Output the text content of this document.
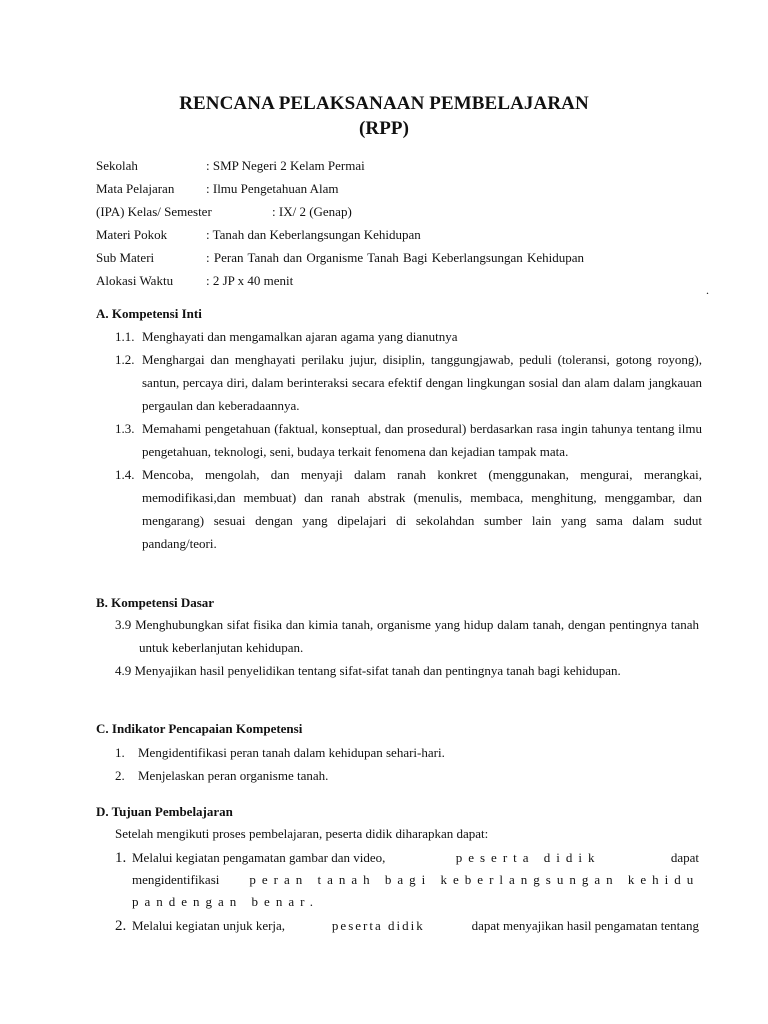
RENCANA PELAKSANAAN PEMBELAJARAN
(RPP)
Sekolah	: SMP Negeri 2 Kelam Permai
Mata Pelajaran : Ilmu Pengetahuan Alam
(IPA) Kelas/ Semester	: IX/ 2 (Genap)
Materi Pokok	: Tanah dan Keberlangsungan Kehidupan
Sub Materi	: Peran Tanah dan Organisme Tanah Bagi Keberlangsungan Kehidupan
Alokasi Waktu	: 2 JP x 40 menit
.
A. Kompetensi Inti
1.1. Menghayati dan mengamalkan ajaran agama yang dianutnya
1.2. Menghargai dan menghayati perilaku jujur, disiplin, tanggungjawab, peduli (toleransi, gotong royong), santun, percaya diri, dalam berinteraksi secara efektif dengan lingkungan sosial dan alam dalam jangkauan pergaulan dan keberadaannya.
1.3. Memahami pengetahuan (faktual, konseptual, dan prosedural) berdasarkan rasa ingin tahunya tentang ilmu pengetahuan, teknologi, seni, budaya terkait fenomena dan kejadian tampak mata.
1.4. Mencoba, mengolah, dan menyaji dalam ranah konkret (menggunakan, mengurai, merangkai, memodifikasi,dan membuat) dan ranah abstrak (menulis, membaca, menghitung, menggambar, dan mengarang) sesuai dengan yang dipelajari di sekolahdan sumber lain yang sama dalam sudut pandang/teori.
B. Kompetensi Dasar
3.9 Menghubungkan sifat fisika dan kimia tanah, organisme yang hidup dalam tanah, dengan pentingnya tanah untuk keberlanjutan kehidupan.
4.9 Menyajikan hasil penyelidikan tentang sifat-sifat tanah dan pentingnya tanah bagi kehidupan.
C. Indikator Pencapaian Kompetensi
1. Mengidentifikasi peran tanah dalam kehidupan sehari-hari.
2. Menjelaskan peran organisme tanah.
D. Tujuan Pembelajaran
Setelah mengikuti proses pembelajaran, peserta didik diharapkan dapat:
1. Melalui kegiatan pengamatan gambar dan video,	peserta didik	dapat
mengidentifikasi peran tanah bagi keberlangsungan kehidu
pandengan benar.
2. Melalui kegiatan unjuk kerja,	peserta didik	dapat menyajikan hasil pengamatan tentang
